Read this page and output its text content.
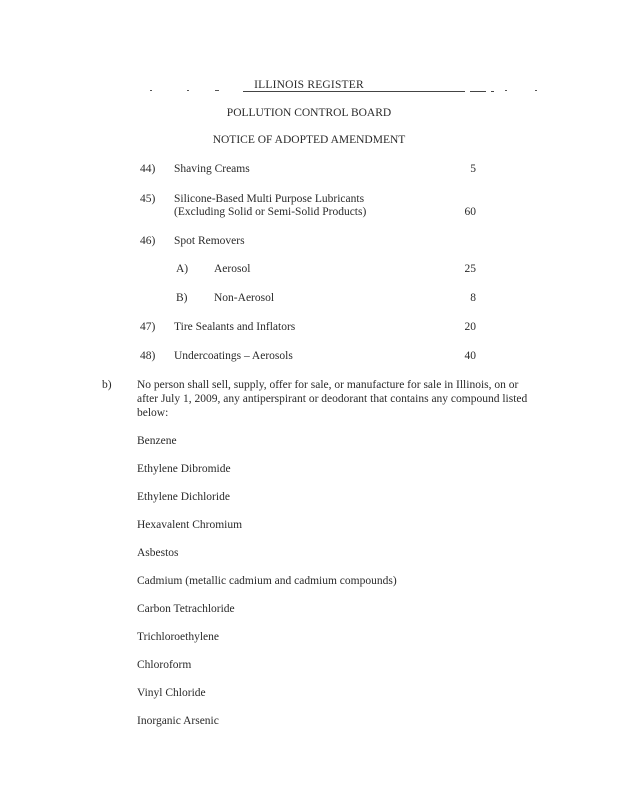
ILLINOIS REGISTER
POLLUTION CONTROL BOARD
NOTICE OF ADOPTED AMENDMENT
44) Shaving Creams	5
45) Silicone-Based Multi Purpose Lubricants
(Excluding Solid or Semi-Solid Products)	60
46) Spot Removers
A) Aerosol	25
B) Non-Aerosol	8
47) Tire Sealants and Inflators	20
48) Undercoatings – Aerosols	40
b) No person shall sell, supply, offer for sale, or manufacture for sale in Illinois, on or after July 1, 2009, any antiperspirant or deodorant that contains any compound listed below:
Benzene
Ethylene Dibromide
Ethylene Dichloride
Hexavalent Chromium
Asbestos
Cadmium (metallic cadmium and cadmium compounds)
Carbon Tetrachloride
Trichloroethylene
Chloroform
Vinyl Chloride
Inorganic Arsenic
